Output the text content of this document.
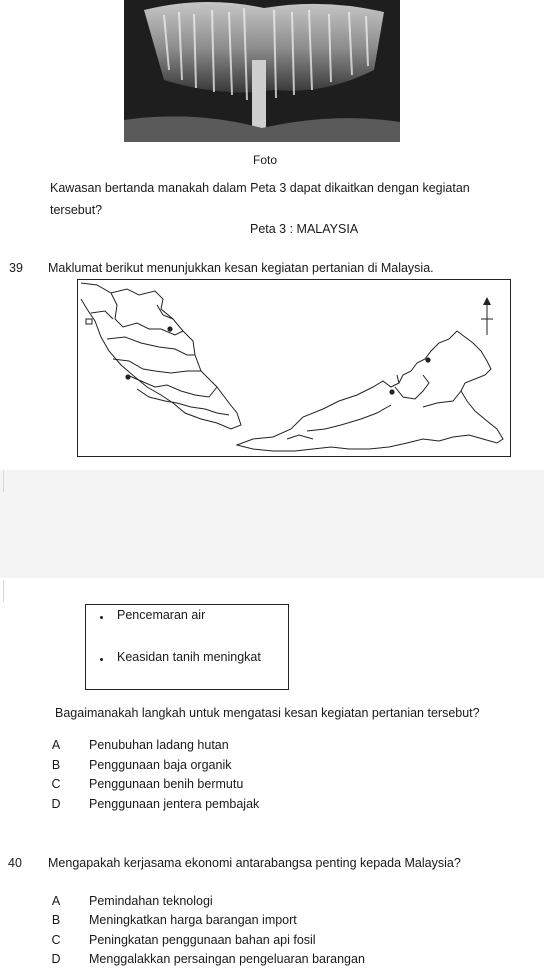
Foto
Kawasan bertanda manakah dalam Peta 3 dapat dikaitkan dengan kegiatan
tersebut?
Peta 3 : MALAYSIA
39 Maklumat berikut menunjukkan kesan kegiatan pertanian di Malaysia.
Pencemaran air
Keasidan tanih meningkat
Bagaimanakah langkah untuk mengatasi kesan kegiatan pertanian tersebut?
A	Penubuhan ladang hutan
B	Penggunaan baja organik
C Penggunaan benih bermutu
D Penggunaan jentera pembajak
40 Mengapakah kerjasama ekonomi antarabangsa penting kepada Malaysia?
A	Pemindahan teknologi
B	Meningkatkan harga barangan import
C Peningkatan penggunaan bahan api fosil
D Menggalakkan persaingan pengeluaran barangan
